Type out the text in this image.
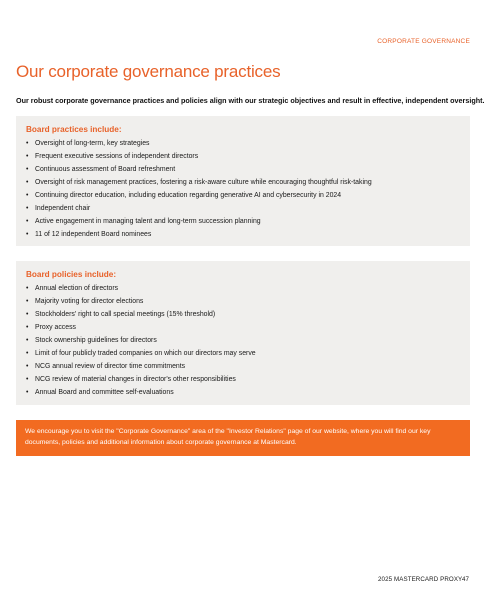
CORPORATE GOVERNANCE
Our corporate governance practices

Our robust corporate governance practices and policies align with our strategic objectives and result in effective, independent oversight.

Board practices include:
• Oversight of long-term, key strategies
• Frequent executive sessions of independent directors
• Continuous assessment of Board refreshment
• Oversight of risk management practices, fostering a risk-aware culture while encouraging thoughtful risk-taking
• Continuing director education, including education regarding generative AI and cybersecurity in 2024
• Independent chair
• Active engagement in managing talent and long-term succession planning
• 11 of 12 independent Board nominees
Board policies include:
• Annual election of directors
• Majority voting for director elections
• Stockholders' right to call special meetings (15% threshold)
• Proxy access
• Stock ownership guidelines for directors
• Limit of four publicly traded companies on which our directors may serve
• NCG annual review of director time commitments
• NCG review of material changes in director's other responsibilities
• Annual Board and committee self-evaluations
We encourage you to visit the "Corporate Governance" area of the "Investor Relations" page of our website, where you will find our key documents, policies and additional information about corporate governance at Mastercard.
2025 MASTERCARD PROXY 47
